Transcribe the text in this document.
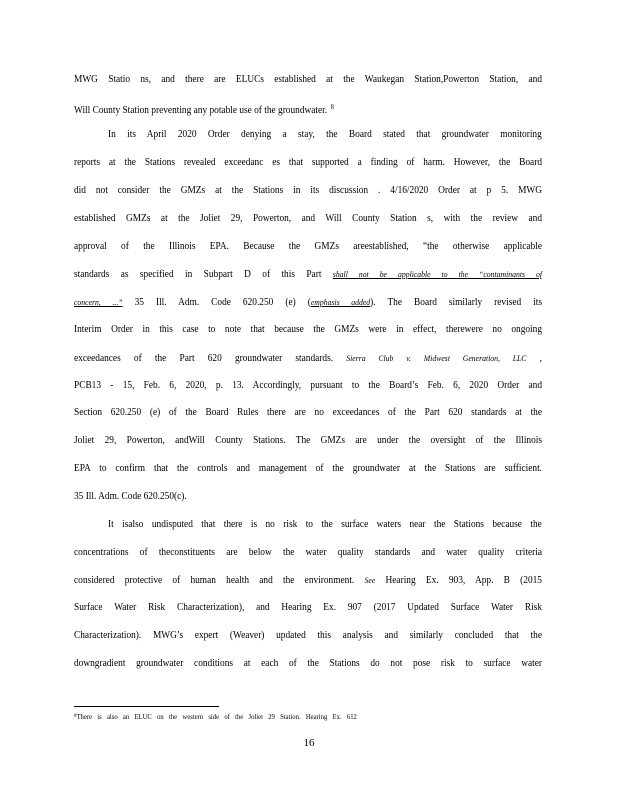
MWG Statio ns, and there are ELUCs established at the Waukegan Station,Powerton Station, and
Will County Station preventing any potable use of the groundwater. $^8$
In its April 2020 Order denying a stay, the Board stated that groundwater monitoring
reports at the Stations revealed exceedanc es that supported a finding of harm. However, the Board
did not consider the GMZs at the Stations in its discussion . 4/16/2020 Order at p 5. MWG
established GMZs at the Joliet 29, Powerton, and Will County Station s, with the review and
approval of the Illinois EPA. Because the GMZs areestablished, “the otherwise applicable
standards as specified in Subpart D of this Part shall not be applicable to the “contaminants of
concern, ...” 35 Ill. Adm. Code 620.250 (e) (emphasis added). The Board similarly revised its
Interim Order in this case to note that because the GMZs were in effect, therewere no ongoing
exceedances of the Part 620 groundwater standards. Sierra Club v. Midwest Generation, LLC ,
PCB13 - 15, Feb. 6, 2020, p. 13. Accordingly, pursuant to the Board’s Feb. 6, 2020 Order and
Section 620.250 (e) of the Board Rules there are no exceedances of the Part 620 standards at the
Joliet 29, Powerton, andWill County Stations. The GMZs are under the oversight of the Illinois
EPA to confirm that the controls and management of the groundwater at the Stations are sufficient.
35 Ill. Adm. Code 620.250(c).
It isalso undisputed that there is no risk to the surface waters near the Stations because the
concentrations of theconstituents are below the water quality standards and water quality criteria
considered protective of human health and the environment. See Hearing Ex. 903, App. B (2015
Surface Water Risk Characterization), and Hearing Ex. 907 (2017 Updated Surface Water Risk
Characterization). MWG’s expert (Weaver) updated this analysis and similarly concluded that the
downgradient groundwater conditions at each of the Stations do not pose risk to surface water
$^8$There is also an ELUC on the western side of the Joliet 29 Station. Hearing Ex. 612
16
